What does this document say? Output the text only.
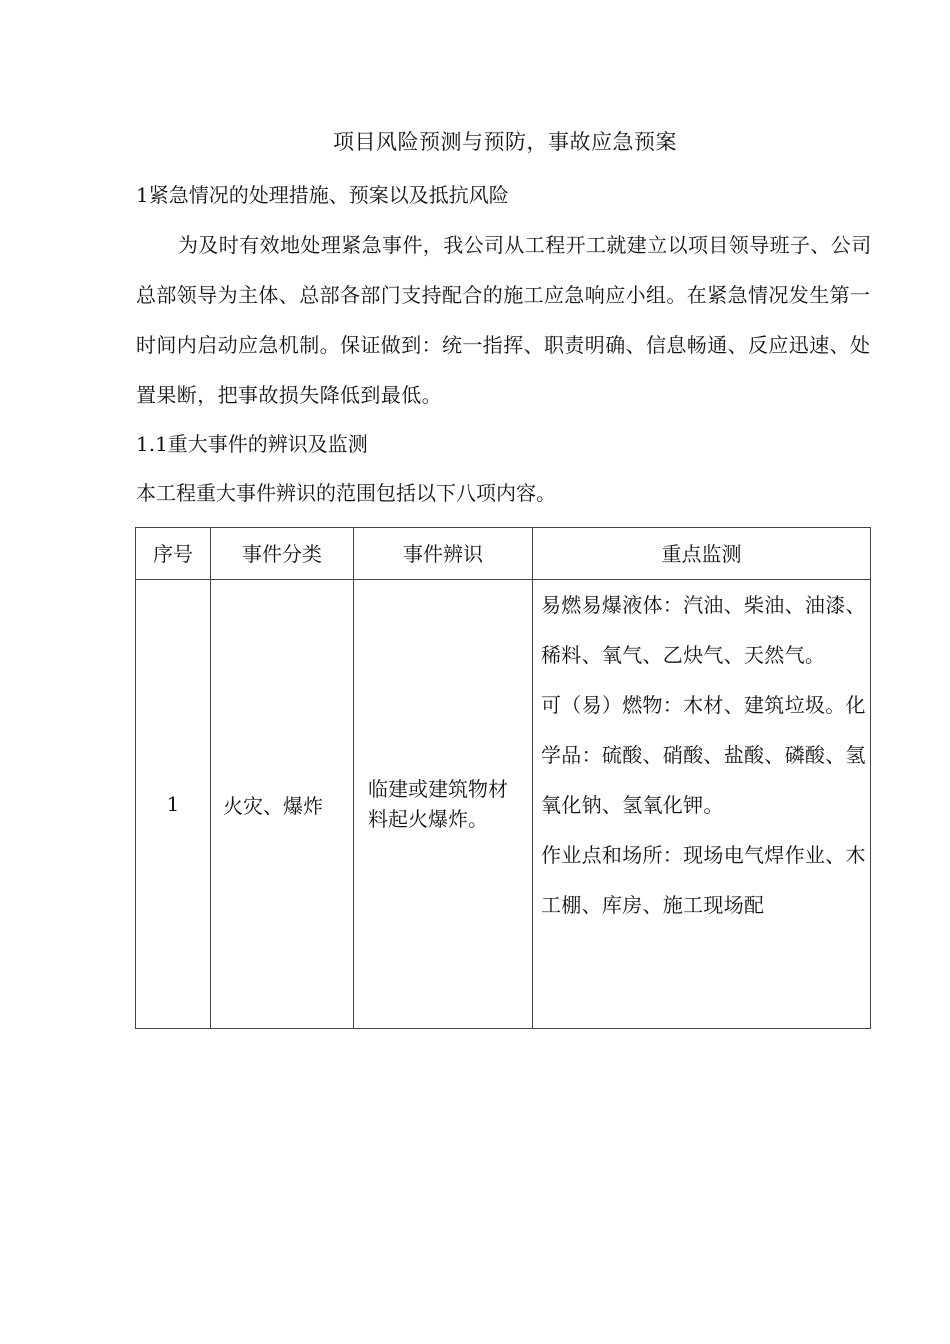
项目风险预测与预防，事故应急预案
1紧急情况的处理措施、预案以及抵抗风险
为及时有效地处理紧急事件，我公司从工程开工就建立以项目领导班子、公司总部领导为主体、总部各部门支持配合的施工应急响应小组。在紧急情况发生第一时间内启动应急机制。保证做到：统一指挥、职责明确、信息畅通、反应迅速、处置果断，把事故损失降低到最低。
1.1重大事件的辨识及监测
本工程重大事件辨识的范围包括以下八项内容。
序号	事件分类	事件辨识	重点监测
1	火灾、爆炸	临建或建筑物材料起火爆炸。	易燃易爆液体：汽油、柴油、油漆、稀料、氧气、乙炔气、天然气。
可（易）燃物：木材、建筑垃圾。化学品：硫酸、硝酸、盐酸、磷酸、氢氧化钠、氢氧化钾。
作业点和场所：现场电气焊作业、木工棚、库房、施工现场配
